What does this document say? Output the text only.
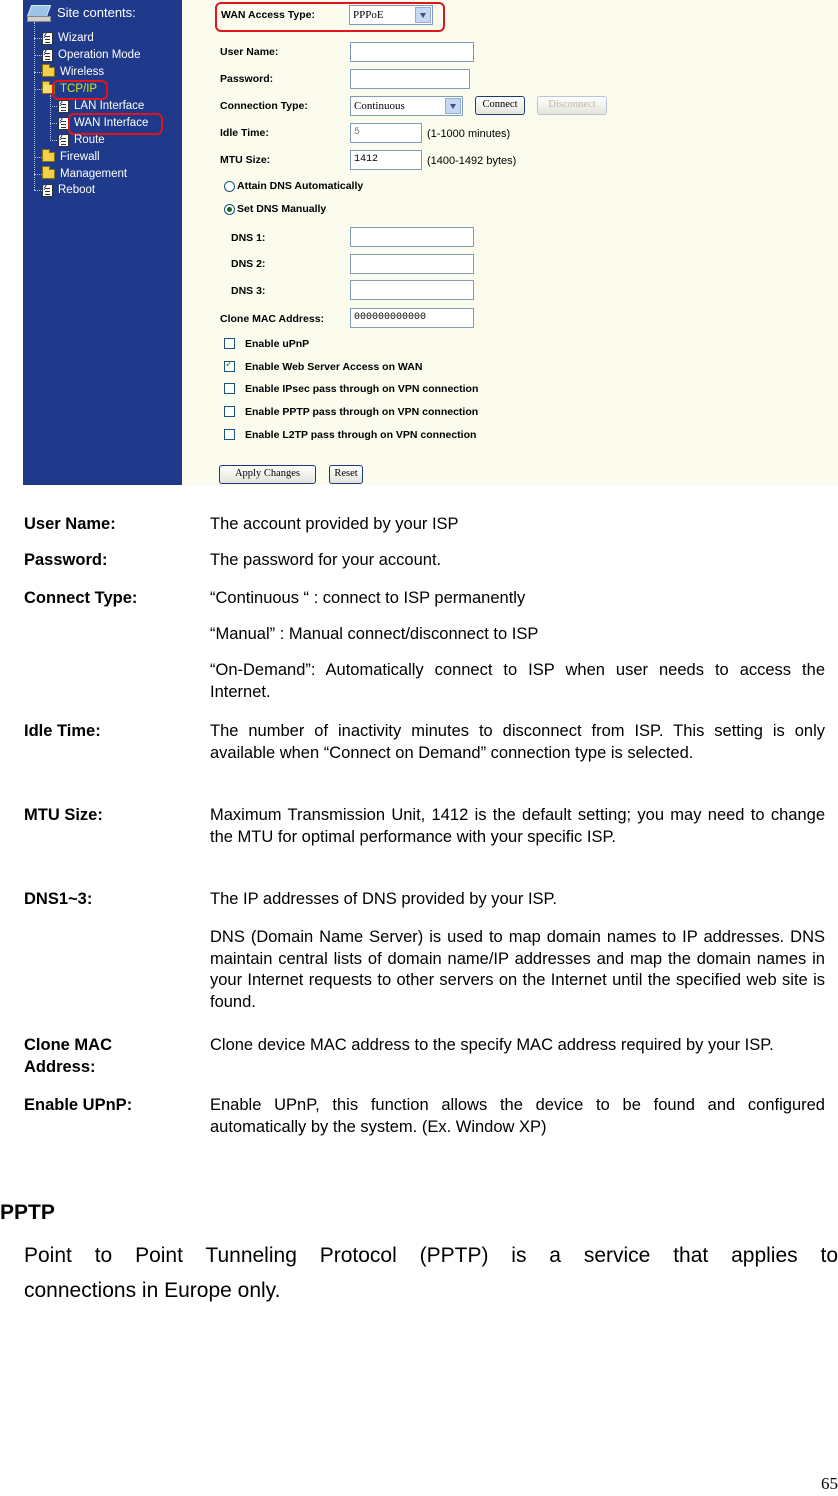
Site contents:
?
Wizard
?
Operation Mode
Wireless
TCP/IP
?
LAN Interface
?
WAN Interface
?
Route
Firewall
Management
?
Reboot
WAN Access Type:	PPPoE
User Name:
Password:
Connection Type:	Continuous	Connect	Disconnect
Idle Time:	5	(1-1000 minutes)
MTU Size:	1412	(1400-1492 bytes)
Attain DNS Automatically
Set DNS Manually
DNS 1:
DNS 2:
DNS 3:
Clone MAC Address:	000000000000
Enable uPnP
✓
Enable Web Server Access on WAN
Enable IPsec pass through on VPN connection
Enable PPTP pass through on VPN connection
Enable L2TP pass through on VPN connection
Apply Changes	Reset
User Name:	The account provided by your ISP
Password:	The password for your account.
Connect Type:	“Continuous “ : connect to ISP permanently
“Manual” : Manual connect/disconnect to ISP
“On-Demand”: Automatically connect to ISP when user needs to access the Internet.
Idle Time:	The number of inactivity minutes to disconnect from ISP. This setting is only available when “Connect on Demand” connection type is selected.
MTU Size:	Maximum Transmission Unit, 1412 is the default setting; you may need to change the MTU for optimal performance with your specific ISP.
DNS1~3:	The IP addresses of DNS provided by your ISP.
DNS (Domain Name Server) is used to map domain names to IP addresses. DNS maintain central lists of domain name/IP addresses and map the domain names in your Internet requests to other servers on the Internet until the specified web site is found.
Clone MAC
Address:
Clone device MAC address to the specify MAC address required by your ISP.
Enable UPnP:	Enable UPnP, this function allows the device to be found and configured automatically by the system. (Ex. Window XP)
PPTP
Point to Point Tunneling Protocol (PPTP) is a service that applies to
connections in Europe only.
65
